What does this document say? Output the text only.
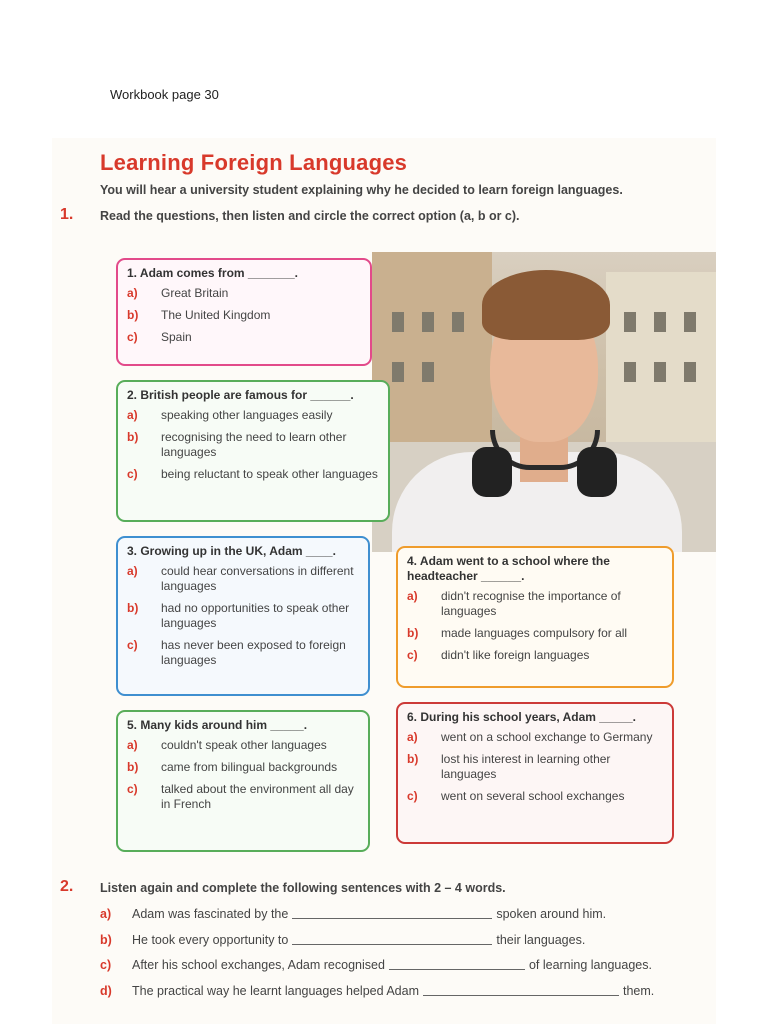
Workbook page 30
Learning Foreign Languages
You will hear a university student explaining why he decided to learn foreign languages.
1. Read the questions, then listen and circle the correct option (a, b or c).
1. Adam comes from _______.
a)	Great Britain
b)	The United Kingdom
c)	Spain
2. British people are famous for ______.
a)	speaking other languages easily
b)	recognising the need to learn other languages
c)	being reluctant to speak other languages
3. Growing up in the UK, Adam ____.
a)	could hear conversations in different languages
b)	had no opportunities to speak other languages
c)	has never been exposed to foreign languages
4. Adam went to a school where the headteacher ______.
a)	didn't recognise the importance of languages
b)	made languages compulsory for all
c)	didn't like foreign languages
5. Many kids around him _____.
a)	couldn't speak other languages
b)	came from bilingual backgrounds
c)	talked about the environment all day in French
6. During his school years, Adam _____.
a)	went on a school exchange to Germany
b)	lost his interest in learning other languages
c)	went on several school exchanges
2. Listen again and complete the following sentences with 2 – 4 words.
a)	Adam was fascinated by the	spoken around him.
b)	He took every opportunity to	their languages.
c)	After his school exchanges, Adam recognised	of learning languages.
d)	The practical way he learnt languages helped Adam	them.
